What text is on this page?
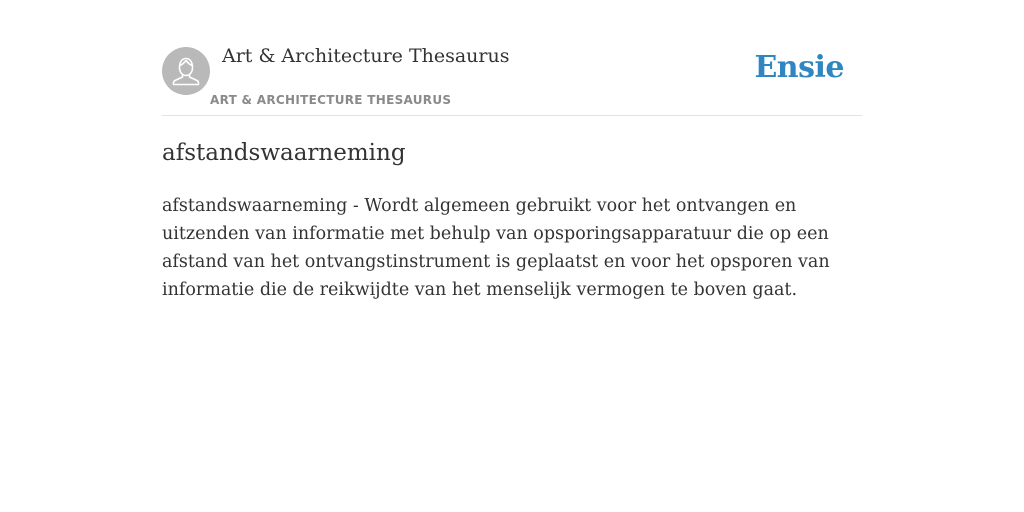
Art & Architecture Thesaurus
ART & ARCHITECTURE THESAURUS
Ensie
afstandswaarneming

afstandswaarneming - Wordt algemeen gebruikt voor het ontvangen en uitzenden van informatie met behulp van opsporingsapparatuur die op een afstand van het ontvangstinstrument is geplaatst en voor het opsporen van informatie die de reikwijdte van het menselijk vermogen te boven gaat.
